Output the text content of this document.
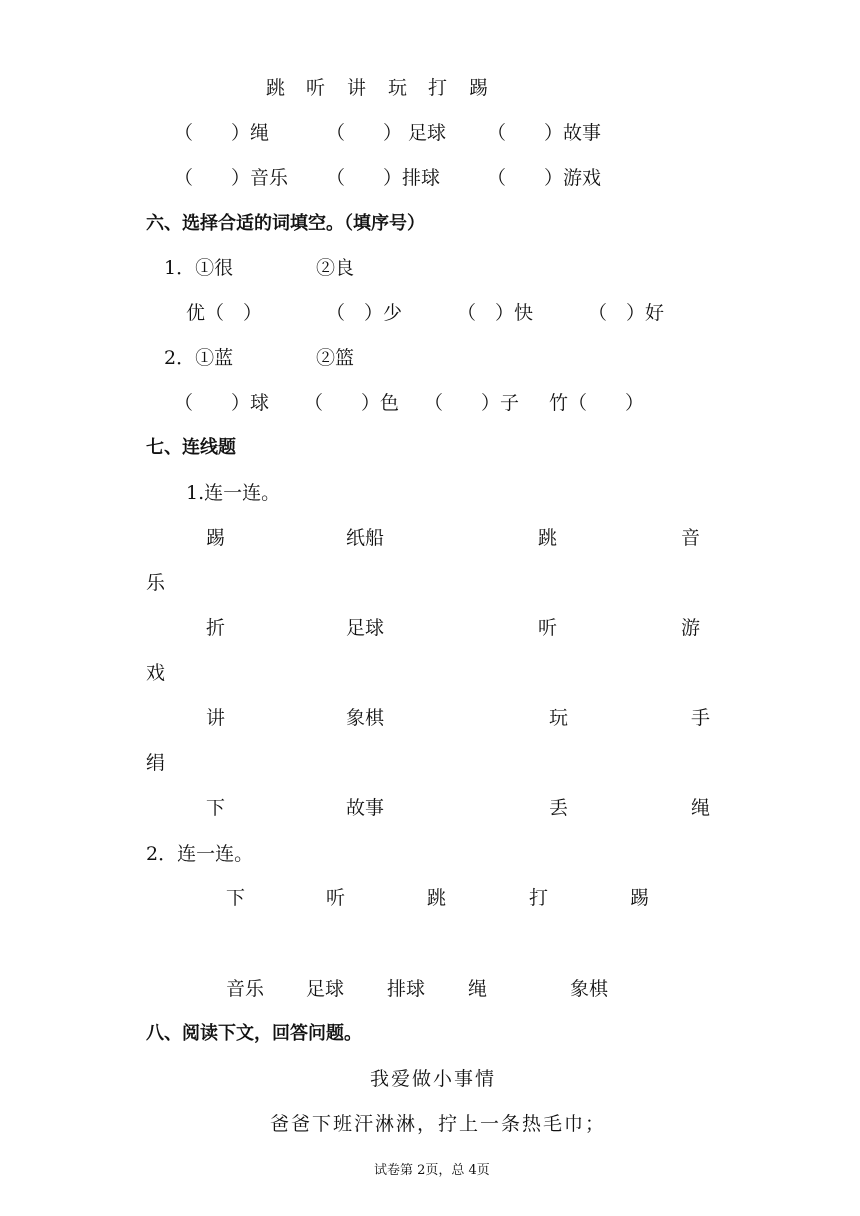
跳 听 讲 玩 打 踢
（　　）绳	（　　） 足球 （　　）故事
（　　）音乐 （　　）排球 （　　）游戏
六、选择合适的词填空。（填序号）
1．①很	②良
优（　）	（　）少	（　）快	（　）好
2．①蓝	②篮
（　　）球 （　　）色 （　　）子 竹（　　）
七、连线题
1.连一连。
踢	纸船	跳	音
乐
折	足球	听	游
戏
讲	象棋	玩	手
绢
下	故事	丢	绳
2．连一连。
下	听	跳	打	踢
音乐 足球 排球 绳	象棋
八、阅读下文，回答问题。
我爱做小事情
爸爸下班汗淋淋，拧上一条热毛巾；
试卷第 2页，总 4页
